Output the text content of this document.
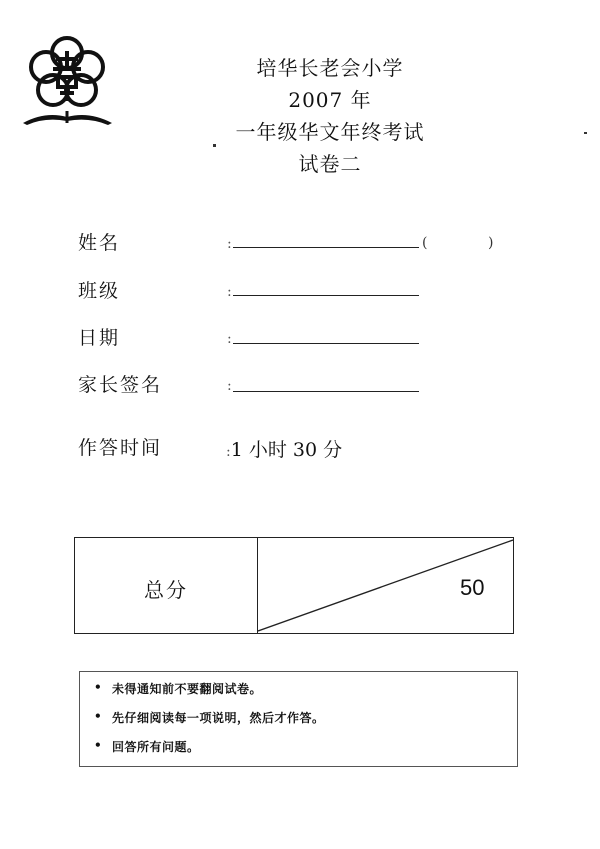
培华长老会小学
2007 年
一年级华文年终考试
试卷二
姓名	:	(	)
班级	:
日期	:
家长签名	:
作答时间	:1 小时 30 分
总分	50
• 未得通知前不要翻阅试卷。
• 先仔细阅读每一项说明，然后才作答。
• 回答所有问题。
